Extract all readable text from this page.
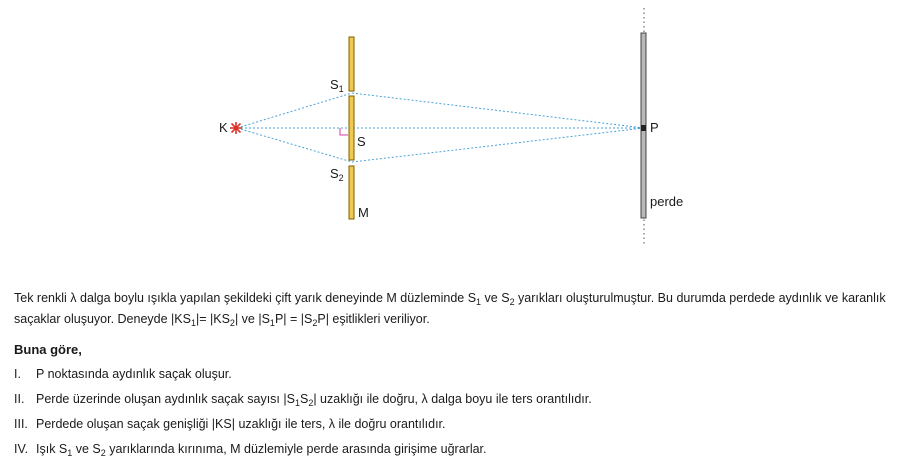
K	P
$S_1$
$S_2$
S
M
perde
Tek renkli λ dalga boylu ışıkla yapılan şekildeki çift yarık deneyinde M düzleminde $S_1$ ve $S_2$ yarıkları oluşturulmuştur. Bu durumda perdede aydınlık ve karanlık saçaklar oluşuyor. Deneyde $|KS_1|= |KS_2|$ ve $|S_1P| = |S_2P|$ eşitlikleri veriliyor.
Buna göre,
I. P noktasında aydınlık saçak oluşur.
II. Perde üzerinde oluşan aydınlık saçak sayısı $|S_1S_2|$ uzaklığı ile doğru, λ dalga boyu ile ters orantılıdır.
III. Perdede oluşan saçak genişliği |KS| uzaklığı ile ters, λ ile doğru orantılıdır.
IV. Işık $S_1$ ve $S_2$ yarıklarında kırınıma, M düzlemiyle perde arasında girişime uğrarlar.
